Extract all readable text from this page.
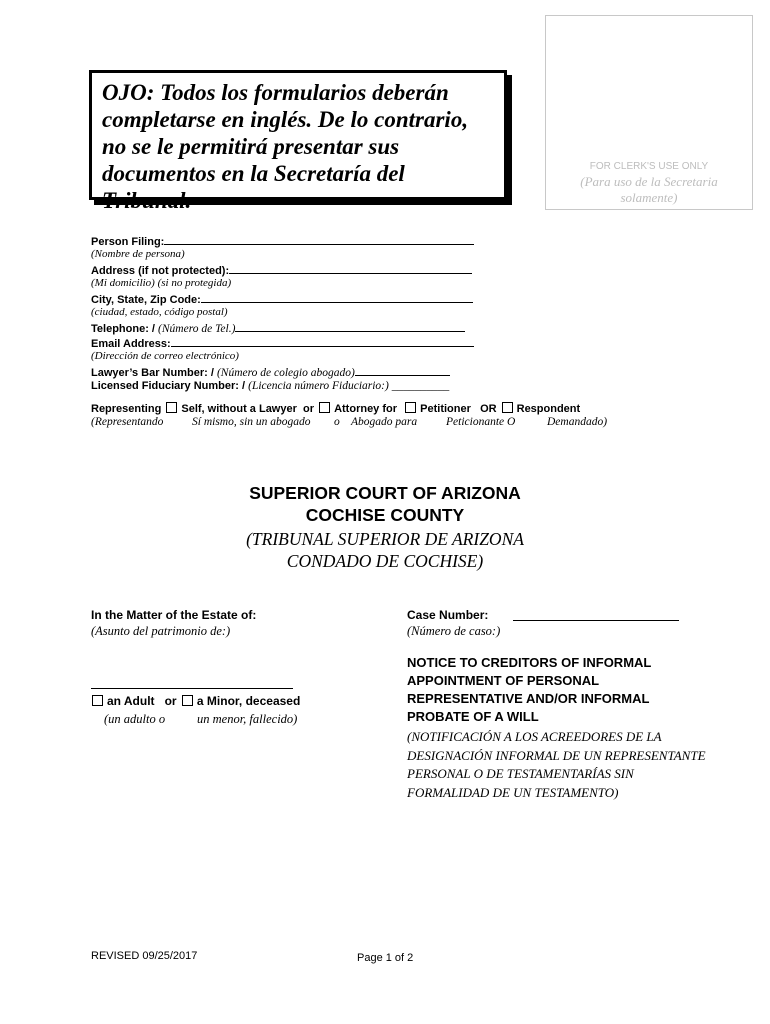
OJO: Todos los formularios deberán completarse en inglés. De lo contrario, no se le permitirá presentar sus documentos en la Secretaría del Tribunal.
FOR CLERK'S USE ONLY
(Para uso de la Secretaria solamente)
Person Filing:
(Nombre de persona)
Address (if not protected):
(Mi domicilio) (si no protegida)
City, State, Zip Code:
(ciudad, estado, código postal)
Telephone: / (Número de Tel.)
Email Address:
(Dirección de correo electrónico)
Lawyer’s Bar Number: / (Número de colegio abogado)
Licensed Fiduciary Number: / (Licencia número Fiduciario:) __________
Representing Self, without a Lawyer or Attorney for Petitioner OR Respondent
(Representando Sí mismo, sin un abogado o Abogado para	Peticionante O	Demandado)
SUPERIOR COURT OF ARIZONA
COCHISE COUNTY
(TRIBUNAL SUPERIOR DE ARIZONA
CONDADO DE COCHISE)
In the Matter of the Estate of:
(Asunto del patrimonio de:)
an Adult or a Minor, deceased
(un adulto o	un menor, fallecido)
Case Number:
(Número de caso:)
NOTICE TO CREDITORS OF INFORMAL APPOINTMENT OF PERSONAL REPRESENTATIVE AND/OR INFORMAL PROBATE OF A WILL
(NOTIFICACIÓN A LOS ACREEDORES DE LA DESIGNACIÓN INFORMAL DE UN REPRESENTANTE PERSONAL O DE TESTAMENTARÍAS SIN FORMALIDAD DE UN TESTAMENTO)
REVISED 09/25/2017	Page 1 of 2
